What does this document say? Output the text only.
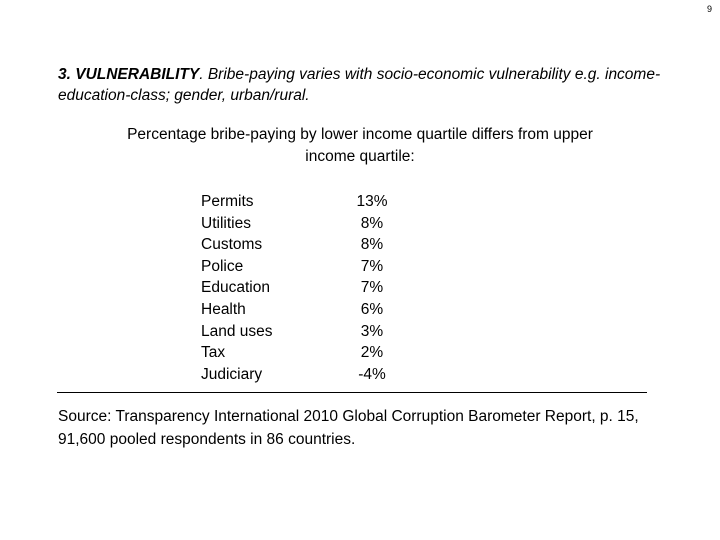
9
3. VULNERABILITY. Bribe-paying varies with socio-economic vulnerability e.g. income-education-class; gender, urban/rural.
Percentage bribe-paying by lower income quartile differs from upper income quartile:
Permits	13%
Utilities	8%
Customs	8%
Police	7%
Education	7%
Health	6%
Land uses	3%
Tax	2%
Judiciary	-4%
Source: Transparency International 2010 Global Corruption Barometer Report, p. 15, 91,600 pooled respondents in 86 countries.
